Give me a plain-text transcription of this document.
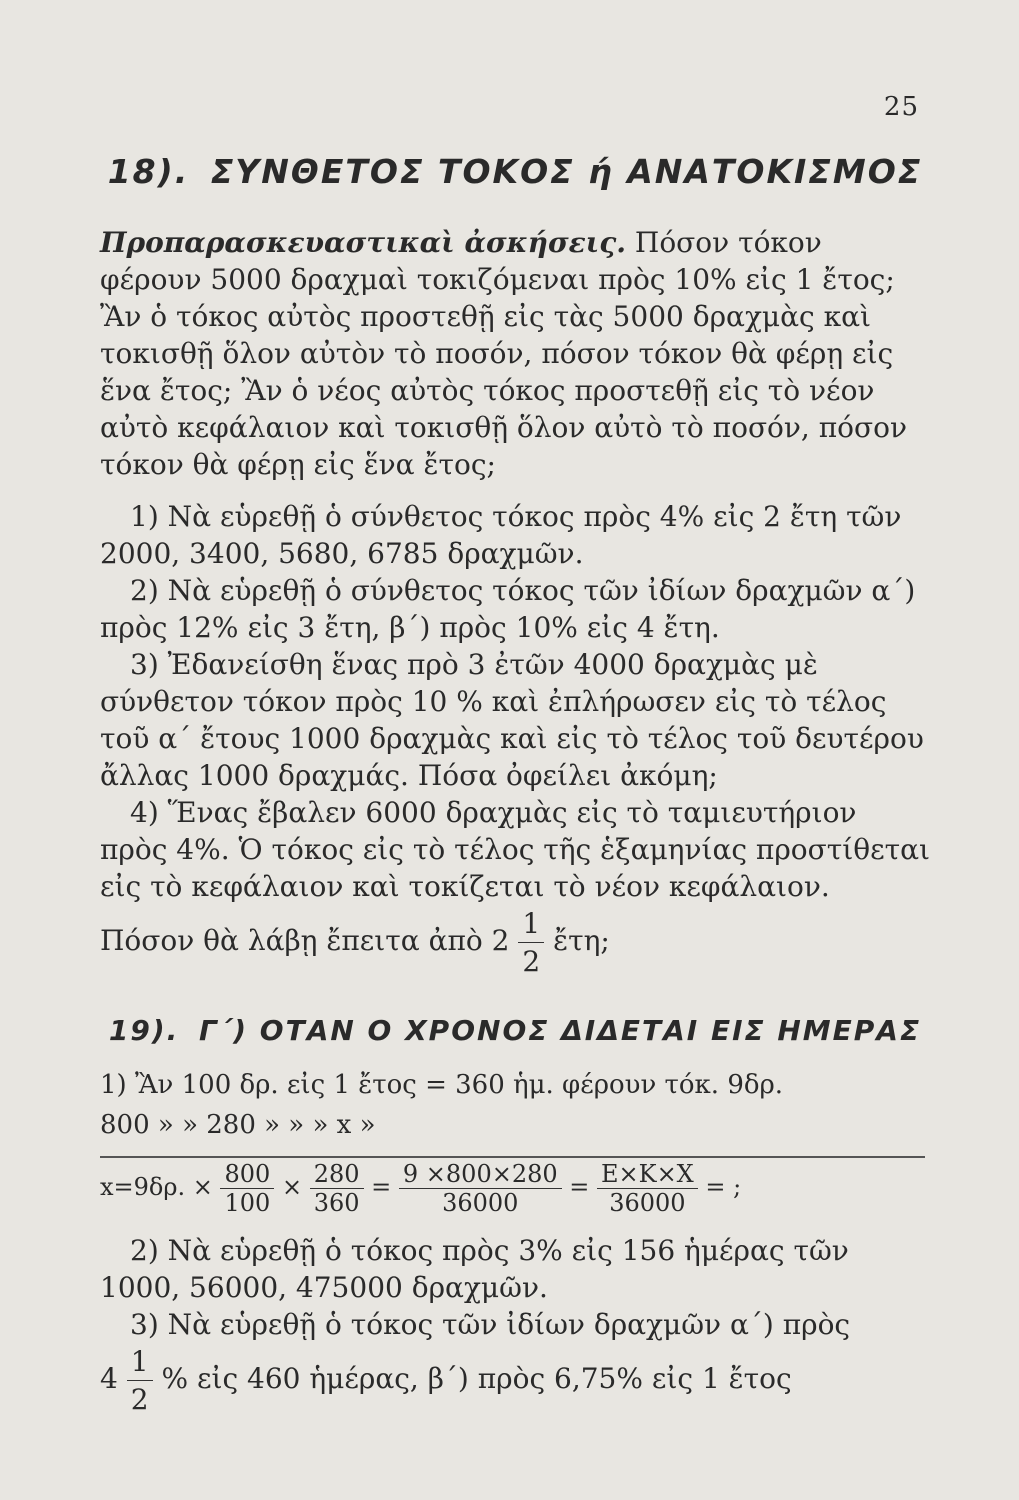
25
18). ΣΥΝΘΕΤΟΣ ΤΟΚΟΣ ή ΑΝΑΤΟΚΙΣΜΟΣ

Προπαρασκευαστικαὶ ἀσκήσεις. Πόσον τόκον φέρουν 5000 δραχμαὶ τοκιζόμεναι πρὸς 10% εἰς 1 ἔτος; Ἂν ὁ τόκος αὐτὸς προστεθῇ εἰς τὰς 5000 δραχμὰς καὶ τοκισθῇ ὅλον αὐτὸν τὸ ποσόν, πόσον τόκον θὰ φέρῃ εἰς ἕνα ἔτος; Ἂν ὁ νέος αὐτὸς τόκος προστεθῇ εἰς τὸ νέον αὐτὸ κεφάλαιον καὶ τοκισθῇ ὅλον αὐτὸ τὸ ποσόν, πόσον τόκον θὰ φέρῃ εἰς ἕνα ἔτος;

1) Νὰ εὑρεθῇ ὁ σύνθετος τόκος πρὸς 4% εἰς 2 ἔτη τῶν 2000, 3400, 5680, 6785 δραχμῶν.

2) Νὰ εὑρεθῇ ὁ σύνθετος τόκος τῶν ἰδίων δραχμῶν α΄) πρὸς 12% εἰς 3 ἔτη, β΄) πρὸς 10% εἰς 4 ἔτη.

3) Ἐδανείσθη ἕνας πρὸ 3 ἐτῶν 4000 δραχμὰς μὲ σύνθετον τόκον πρὸς 10 % καὶ ἐπλήρωσεν εἰς τὸ τέλος τοῦ α΄ ἔτους 1000 δραχμὰς καὶ εἰς τὸ τέλος τοῦ δευτέρου ἄλλας 1000 δραχμάς. Πόσα ὀφείλει ἀκόμη;

4) Ἕνας ἔβαλεν 6000 δραχμὰς εἰς τὸ ταμιευτήριον πρὸς 4%. Ὁ τόκος εἰς τὸ τέλος τῆς ἑξαμηνίας προστίθεται εἰς τὸ κεφάλαιον καὶ τοκίζεται τὸ νέον κεφάλαιον.

Πόσον θὰ λάβῃ ἔπειτα ἀπὸ $2 \frac{1}{2}$ ἔτη;

19). Γ΄) ΟΤΑΝ Ο ΧΡΟΝΟΣ ΔΙΔΕΤΑΙ ΕΙΣ ΗΜΕΡΑΣ
1) Ἂν 100 δρ. εἰς 1 ἔτος = 360 ἡμ. φέρουν τόκ. 9δρ.
800 » » 280 » » » x »
x=9δρ. × $\frac{800}{100} \times \frac{280}{360} = \frac{9 \times 800\times 280}{36000} = \frac{E\times K\times X}{36000}$ = ;

2) Νὰ εὑρεθῇ ὁ τόκος πρὸς 3% εἰς 156 ἡμέρας τῶν 1000, 56000, 475000 δραχμῶν.

3) Νὰ εὑρεθῇ ὁ τόκος τῶν ἰδίων δραχμῶν α΄) πρὸς

$4 \frac{1}{2}$ % εἰς 460 ἡμέρας, β΄) πρὸς 6,75% εἰς 1 ἔτος
